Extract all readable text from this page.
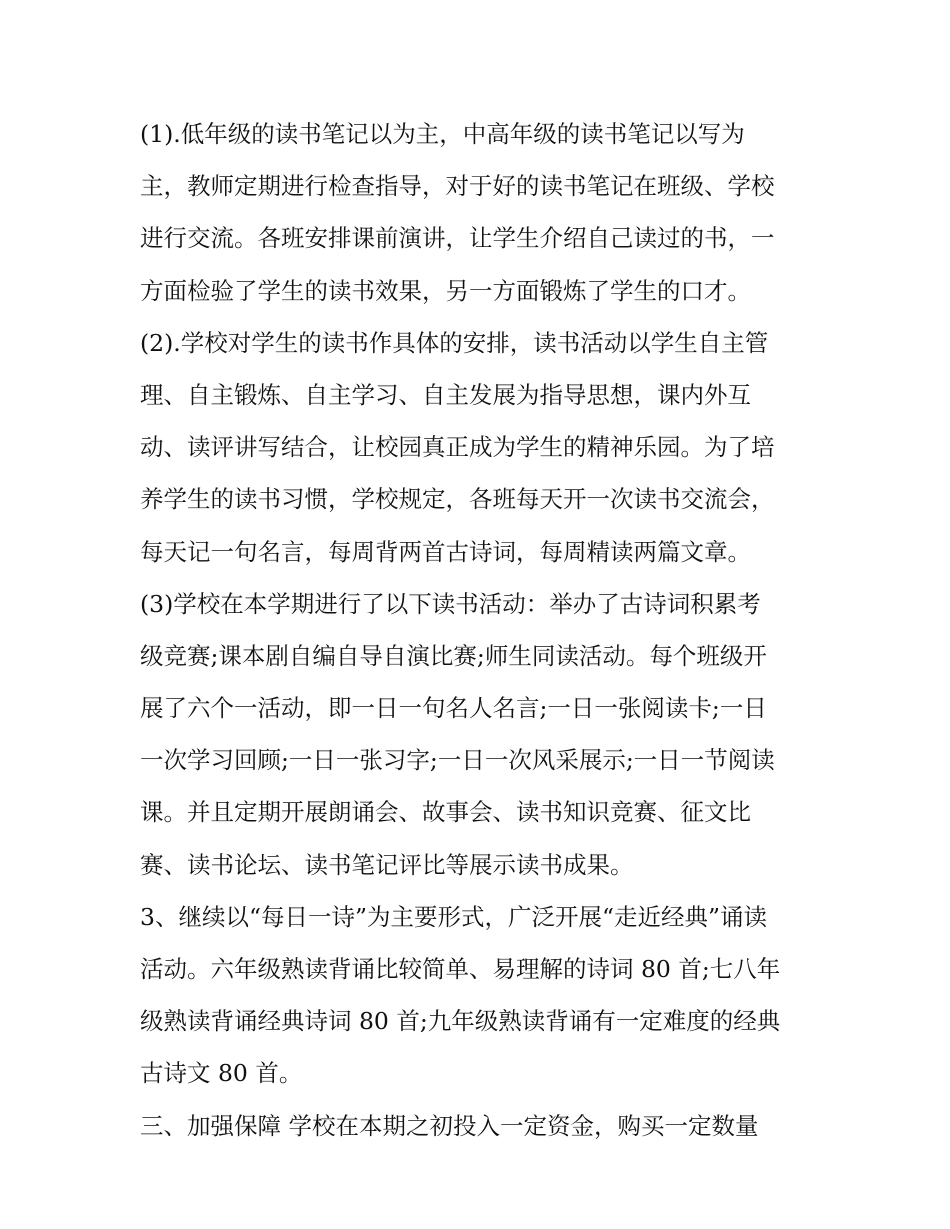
(1).低年级的读书笔记以为主，中高年级的读书笔记以写为
主，教师定期进行检查指导，对于好的读书笔记在班级、学校
进行交流。各班安排课前演讲，让学生介绍自己读过的书，一
方面检验了学生的读书效果，另一方面锻炼了学生的口才。
(2).学校对学生的读书作具体的安排，读书活动以学生自主管
理、自主锻炼、自主学习、自主发展为指导思想，课内外互
动、读评讲写结合，让校园真正成为学生的精神乐园。为了培
养学生的读书习惯，学校规定，各班每天开一次读书交流会，
每天记一句名言，每周背两首古诗词，每周精读两篇文章。
(3)学校在本学期进行了以下读书活动：举办了古诗词积累考
级竞赛;课本剧自编自导自演比赛;师生同读活动。每个班级开
展了六个一活动，即一日一句名人名言;一日一张阅读卡;一日
一次学习回顾;一日一张习字;一日一次风采展示;一日一节阅读
课。并且定期开展朗诵会、故事会、读书知识竞赛、征文比
赛、读书论坛、读书笔记评比等展示读书成果。
3、继续以“每日一诗”为主要形式，广泛开展“走近经典”诵读
活动。六年级熟读背诵比较简单、易理解的诗词 80 首;七八年
级熟读背诵经典诗词 80 首;九年级熟读背诵有一定难度的经典
古诗文 80 首。
三、加强保障 学校在本期之初投入一定资金，购买一定数量
